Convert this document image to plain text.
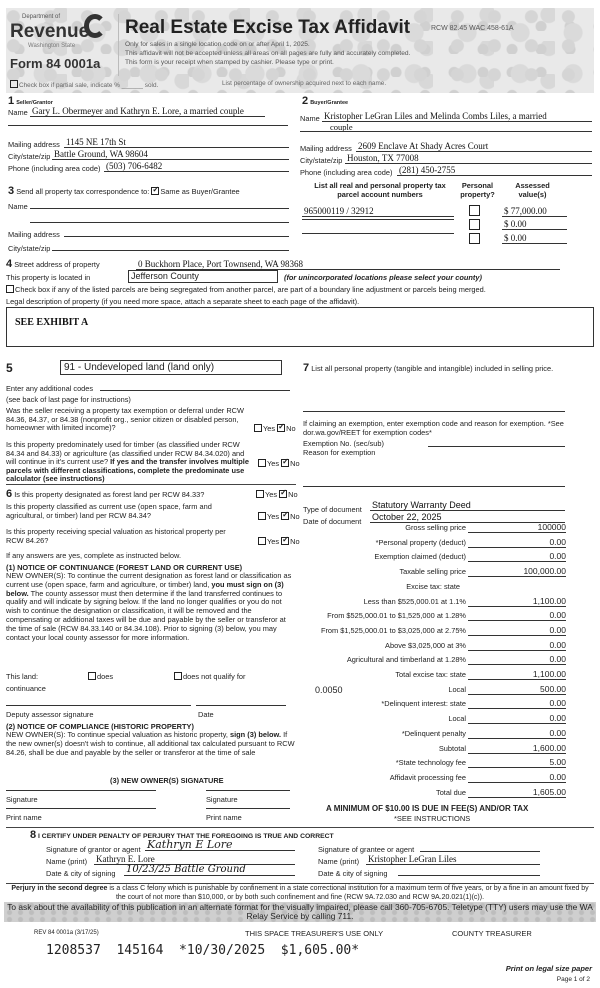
Department of
Revenue
Washington State
Form 84 0001a
Real Estate Excise Tax Affidavit	RCW 82.45 WAC 458-61A
Only for sales in a single location code on or after April 1, 2025.
This affidavit will not be accepted unless all areas on all pages are fully and accurately completed.
This form is your receipt when stamped by cashier. Please type or print.
Check box if partial sale, indicate % ______ sold.	List percentage of ownership acquired next to each name.
1 Seller/Grantor
Name Gary L. Obermeyer and Kathryn E. Lore, a married couple
Mailing address 1145 NE 17th St
City/state/zip Battle Ground, WA 98604
Phone (including area code) (503) 706-6482
2 Buyer/Grantee
Name Kristopher LeGran Liles and Melinda Combs Liles, a married
couple
Mailing address 2609 Enclave At Shady Acres Court
City/state/zip Houston, TX 77008
Phone (including area code) (281) 450-2755
3 Send all property tax correspondence to: ✓ Same as Buyer/Grantee
Name
Mailing address
City/state/zip
List all real and personal property tax parcel account numbers
Personal property?
Assessed value(s)
965000119 / 32912	$ 77,000.00
$ 0.00
$ 0.00
4 Street address of property	0 Buckhorn Place, Port Townsend, WA 98368
This property is located in	Jefferson County	(for unincorporated locations please select your county)
Check box if any of the listed parcels are being segregated from another parcel, are part of a boundary line adjustment or parcels being merged.
Legal description of property (if you need more space, attach a separate sheet to each page of the affidavit).
SEE EXHIBIT A
5	91 - Undeveloped land (land only)
Enter any additional codes
(see back of last page for instructions)
Was the seller receiving a property tax exemption or deferral under RCW 84.36, 84.37, or 84.38 (nonprofit org., senior citizen or disabled person, homeowner with limited income)?	Yes ✓ No
Is this property predominately used for timber (as classified under RCW 84.34 and 84.33) or agriculture (as classified under RCW 84.34.020) and will continue in it's current use? If yes and the transfer involves multiple parcels with different classifications, complete the predominate use calculator (see instructions)
Yes ✓ No
6 Is this property designated as forest land per RCW 84.33?	Yes ✓ No
Is this property classified as current use (open space, farm and agricultural, or timber) land per RCW 84.34?	Yes ✓ No
Is this property receiving special valuation as historical property per RCW 84.26?	Yes ✓ No
If any answers are yes, complete as instructed below.
(1) NOTICE OF CONTINUANCE (FOREST LAND OR CURRENT USE)
NEW OWNER(S): To continue the current designation as forest land or classification as current use (open space, farm and agriculture, or timber) land, you must sign on (3) below. The county assessor must then determine if the land transferred continues to qualify and will indicate by signing below. If the land no longer qualifies or you do not wish to continue the designation or classification, it will be removed and the compensating or additional taxes will be due and payable by the seller or transferor at the time of sale (RCW 84.33.140 or 84.34.108). Prior to signing (3) below, you may contact your local county assessor for more information.
This land:
continuance
does	does not qualify for
Deputy assessor signature	Date
(2) NOTICE OF COMPLIANCE (HISTORIC PROPERTY)
NEW OWNER(S): To continue special valuation as historic property, sign (3) below. If the new owner(s) doesn't wish to continue, all additional tax calculated pursuant to RCW 84.26, shall be due and payable by the seller or transferor at the time of sale
(3) NEW OWNER(S) SIGNATURE
Signature	Signature
Print name	Print name
7 List all personal property (tangible and intangible) included in selling price.
If claiming an exemption, enter exemption code and reason for exemption. *See dor.wa.gov/REET for exemption codes*
Exemption No. (sec/sub)
Reason for exemption
Type of document Statutory Warranty Deed
Date of document October 22, 2025
Gross selling price	100000
*Personal property (deduct)	0.00
Exemption claimed (deduct)	0.00
Taxable selling price	100,000.00
Excise tax: state
Less than $525,000.01 at 1.1%	1,100.00
From $525,000.01 to $1,525,000 at 1.28%	0.00
From $1,525,000.01 to $3,025,000 at 2.75%	0.00
Above $3,025,000 at 3%	0.00
Agricultural and timberland at 1.28%	0.00
Total excise tax: state	1,100.00
Local
0.0050	500.00
*Delinquent interest: state	0.00
Local	0.00
*Delinquent penalty	0.00
Subtotal	1,600.00
*State technology fee	5.00
Affidavit processing fee	0.00
Total due	1,605.00
A MINIMUM OF $10.00 IS DUE IN FEE(S) AND/OR TAX
*SEE INSTRUCTIONS
8 I CERTIFY UNDER PENALTY OF PERJURY THAT THE FOREGOING IS TRUE AND CORRECT
Signature of grantor or agent Kathryn E Lore
Name (print) Kathryn E. Lore
Date & city of signing 10/23/25 Battle Ground
Signature of grantee or agent
Name (print) Kristopher LeGran Liles
Date & city of signing
Perjury in the second degree is a class C felony which is punishable by confinement in a state correctional institution for a maximum term of five years, or by a fine in an amount fixed by the court of not more than $10,000, or by both such confinement and fine (RCW 9A.72.030 and RCW 9A.20.021(1)(c)).
To ask about the availability of this publication in an alternate format for the visually impaired, please call 360-705-6705. Teletype (TTY) users may use the WA Relay Service by calling 711.
REV 84 0001a (3/17/25)	THIS SPACE TREASURER'S USE ONLY	COUNTY TREASURER
1208537  145164  *10/30/2025  $1,605.00*
Print on legal size paper
Page 1 of 2
